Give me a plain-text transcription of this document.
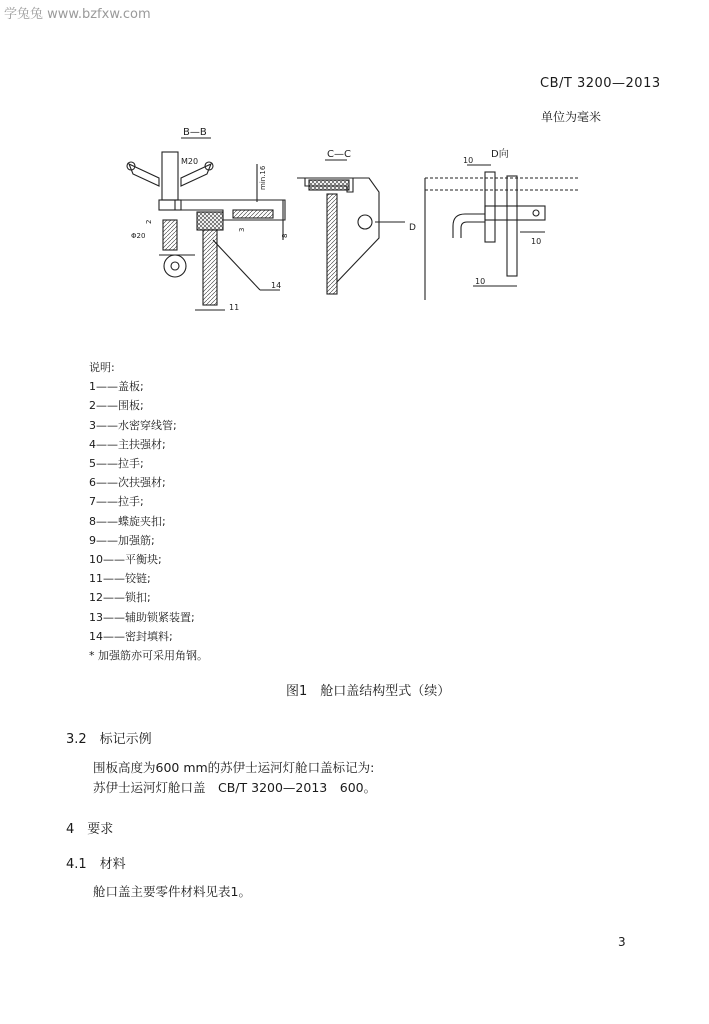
学兔兔 www.bzfxw.com
CB/T 3200—2013
单位为毫米
B—B
M20
min.16
8
3
2
Φ20
14
11
C—C
D
D向
10
10
10
说明:
1——盖板;
2——围板;
3——水密穿线管;
4——主扶强材;
5——拉手;
6——次扶强材;
7——拉手;
8——蝶旋夹扣;
9——加强筋;
10——平衡块;
11——铰链;
12——锁扣;
13——辅助锁紧装置;
14——密封填料;
* 加强筋亦可采用角钢。
图1　舱口盖结构型式（续）
3.2　标记示例
围板高度为600 mm的苏伊士运河灯舱口盖标记为:
苏伊士运河灯舱口盖　CB/T 3200—2013　600。
4　要求
4.1　材料
舱口盖主要零件材料见表1。
3
